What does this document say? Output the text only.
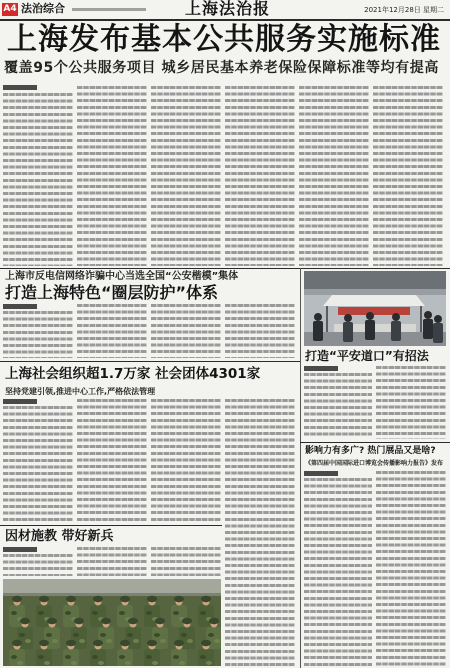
A4 法治综合	上海法治报	2021年12月28日 星期二
上海发布基本公共服务实施标准
覆盖95个公共服务项目 城乡居民基本养老保险保障标准等均有提高
上海市反电信网络诈骗中心当选全国“公安楷模”集体
打造上海特色“圈层防护”体系
上海社会组织超1.7万家 社会团体4301家
坚持党建引领,推进中心工作,严格依法管理
因材施教 带好新兵
打造“平安道口”有招法
影响力有多广? 热门展品又是啥?
《第四届中国国际进口博览会传播影响力报告》发布
